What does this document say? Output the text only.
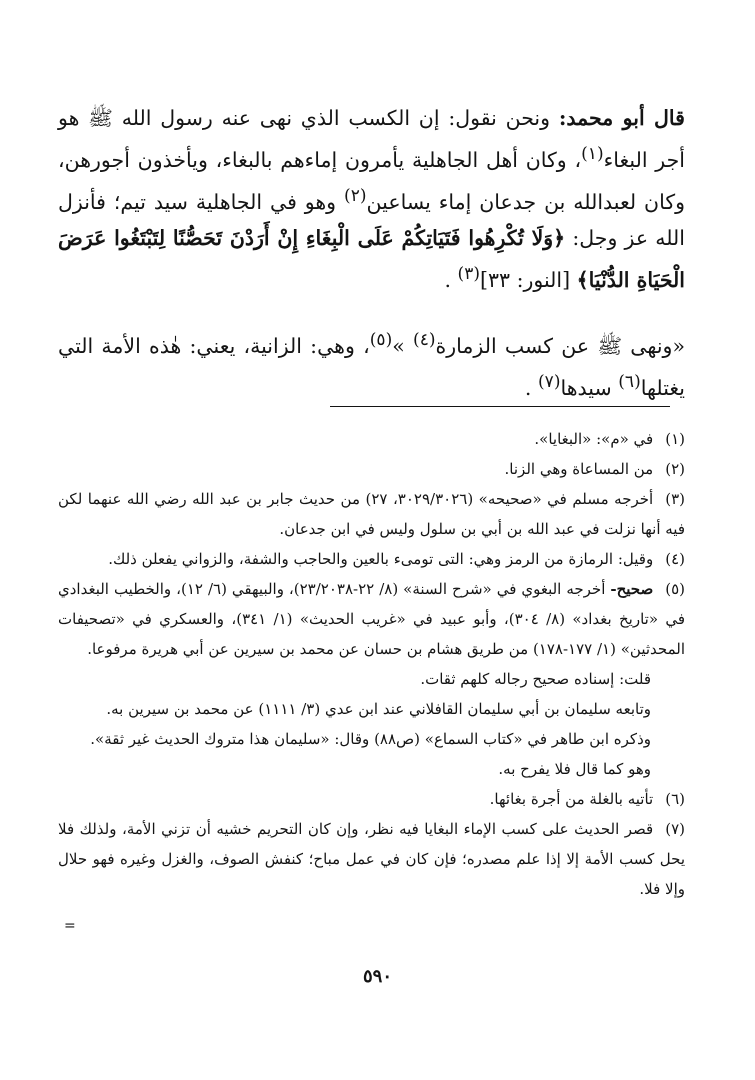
قال أبو محمد: ونحن نقول: إن الكسب الذي نهى عنه رسول الله ﷺ هو أجر البغاء$^{(١)}$، وكان أهل الجاهلية يأمرون إماءهم بالبغاء، ويأخذون أجورهن، وكان لعبدالله بن جدعان إماء يساعين$^{(٢)}$ وهو في الجاهلية سيد تيم؛ فأنزل الله عز وجل: ﴿وَلَا تُكْرِهُوا فَتَيَاتِكُمْ عَلَى الْبِغَاءِ إِنْ أَرَدْنَ تَحَصُّنًا لِتَبْتَغُوا عَرَضَ الْحَيَاةِ الدُّنْيَا﴾ [النور: ٣٣]$^{(٣)}$ .

«ونهى ﷺ عن كسب الزمارة$^{(٤)}$ »$^{(٥)}$، وهي: الزانية، يعني: هٰذه الأمة التي يغتلها$^{(٦)}$ سيدها$^{(٧)}$ .

(١)في «م»: «البغايا».

(٢)من المساعاة وهي الزنا.

(٣)أخرجه مسلم في «صحيحه» (٣٠٢٩/٣٠٢٦، ٢٧) من حديث جابر بن عبد الله رضي الله عنهما لكن فيه أنها نزلت في عبد الله بن أبي بن سلول وليس في ابن جدعان.

(٤)وقيل: الرمازة من الرمز وهي: التى تومىء بالعين والحاجب والشفة، والزواني يفعلن ذلك.

(٥)صحيح- أخرجه البغوي في «شرح السنة» (٨/ ٢٢-٢٣/٢٠٣٨)، والبيهقي (٦/ ١٢)، والخطيب البغدادي في «تاريخ بغداد» (٨/ ٣٠٤)، وأبو عبيد في «غريب الحديث» (١/ ٣٤١)، والعسكري في «تصحيفات المحدثين» (١/ ١٧٧-١٧٨) من طريق هشام بن حسان عن محمد بن سيرين عن أبي هريرة مرفوعا.

قلت: إسناده صحيح رجاله كلهم ثقات.

وتابعه سليمان بن أبي سليمان القافلاني عند ابن عدي (٣/ ١١١١) عن محمد بن سيرين به.

وذكره ابن طاهر في «كتاب السماع» (ص٨٨) وقال: «سليمان هذا متروك الحديث غير ثقة».

وهو كما قال فلا يفرح به.

(٦)تأتيه بالغلة من أجرة بغائها.

(٧)قصر الحديث على كسب الإماء البغايا فيه نظر، وإن كان التحريم خشيه أن تزني الأمة، ولذلك فلا يحل كسب الأمة إلا إذا علم مصدره؛ فإن كان في عمل مباح؛ كنفش الصوف، والغزل وغيره فهو حلال وإلا فلا.

=
٥٩٠
